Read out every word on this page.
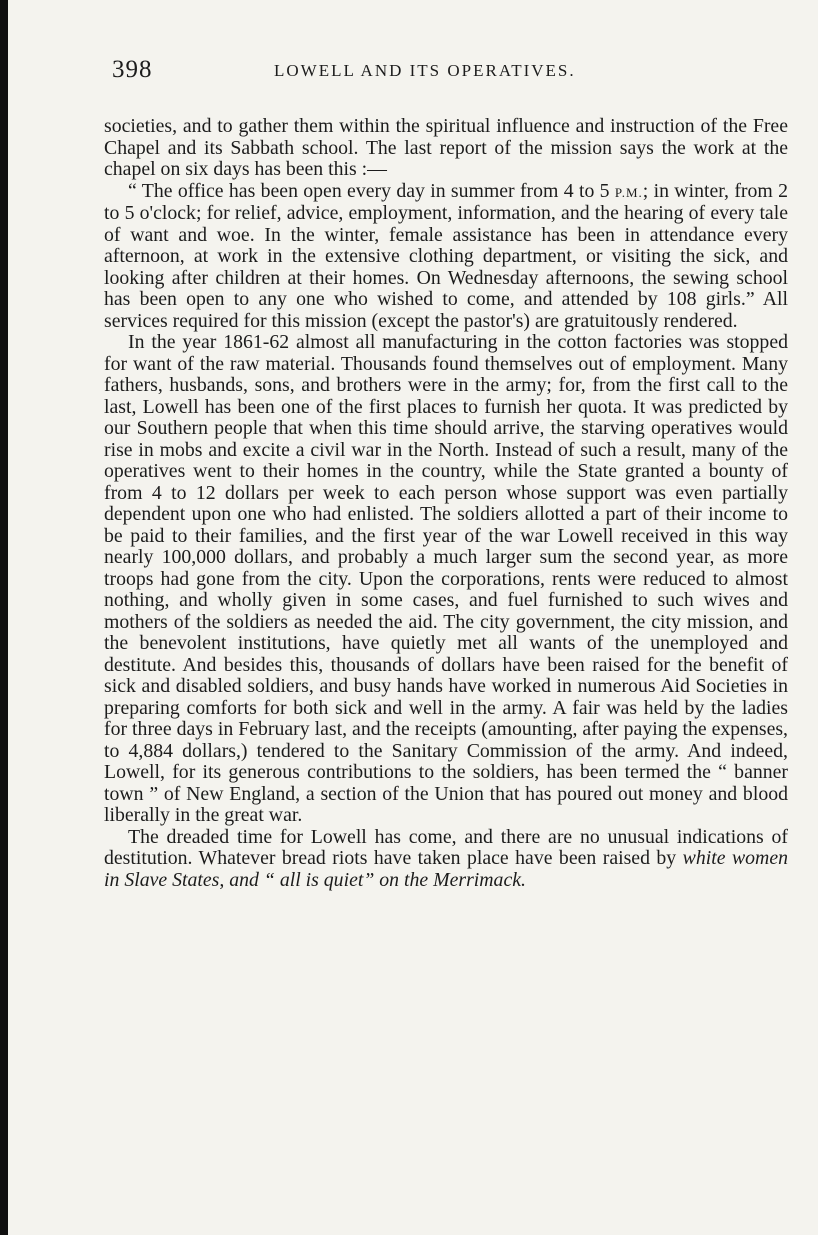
398	LOWELL AND ITS OPERATIVES.

societies, and to gather them within the spiritual influence and instruction of the Free Chapel and its Sabbath school. The last report of the mission says the work at the chapel on six days has been this :—

“ The office has been open every day in summer from 4 to 5 P.M.; in winter, from 2 to 5 o'clock; for relief, advice, employment, information, and the hearing of every tale of want and woe. In the winter, female assistance has been in attendance every afternoon, at work in the extensive clothing department, or visiting the sick, and looking after children at their homes. On Wednesday afternoons, the sewing school has been open to any one who wished to come, and attended by 108 girls.” All services required for this mission (except the pastor's) are gratuitously rendered.

In the year 1861-62 almost all manufacturing in the cotton factories was stopped for want of the raw material. Thousands found themselves out of employment. Many fathers, husbands, sons, and brothers were in the army; for, from the first call to the last, Lowell has been one of the first places to furnish her quota. It was predicted by our Southern people that when this time should arrive, the starving operatives would rise in mobs and excite a civil war in the North. Instead of such a result, many of the operatives went to their homes in the country, while the State granted a bounty of from 4 to 12 dollars per week to each person whose support was even partially dependent upon one who had enlisted. The soldiers allotted a part of their income to be paid to their families, and the first year of the war Lowell received in this way nearly 100,000 dollars, and probably a much larger sum the second year, as more troops had gone from the city. Upon the corporations, rents were reduced to almost nothing, and wholly given in some cases, and fuel furnished to such wives and mothers of the soldiers as needed the aid. The city government, the city mission, and the benevolent institutions, have quietly met all wants of the unemployed and destitute. And besides this, thousands of dollars have been raised for the benefit of sick and disabled soldiers, and busy hands have worked in numerous Aid Societies in preparing comforts for both sick and well in the army. A fair was held by the ladies for three days in February last, and the receipts (amounting, after paying the expenses, to 4,884 dollars,) tendered to the Sanitary Commission of the army. And indeed, Lowell, for its generous contributions to the soldiers, has been termed the “ banner town ” of New England, a section of the Union that has poured out money and blood liberally in the great war.

The dreaded time for Lowell has come, and there are no unusual indications of destitution. Whatever bread riots have taken place have been raised by white women in Slave States, and “ all is quiet” on the Merrimack.
